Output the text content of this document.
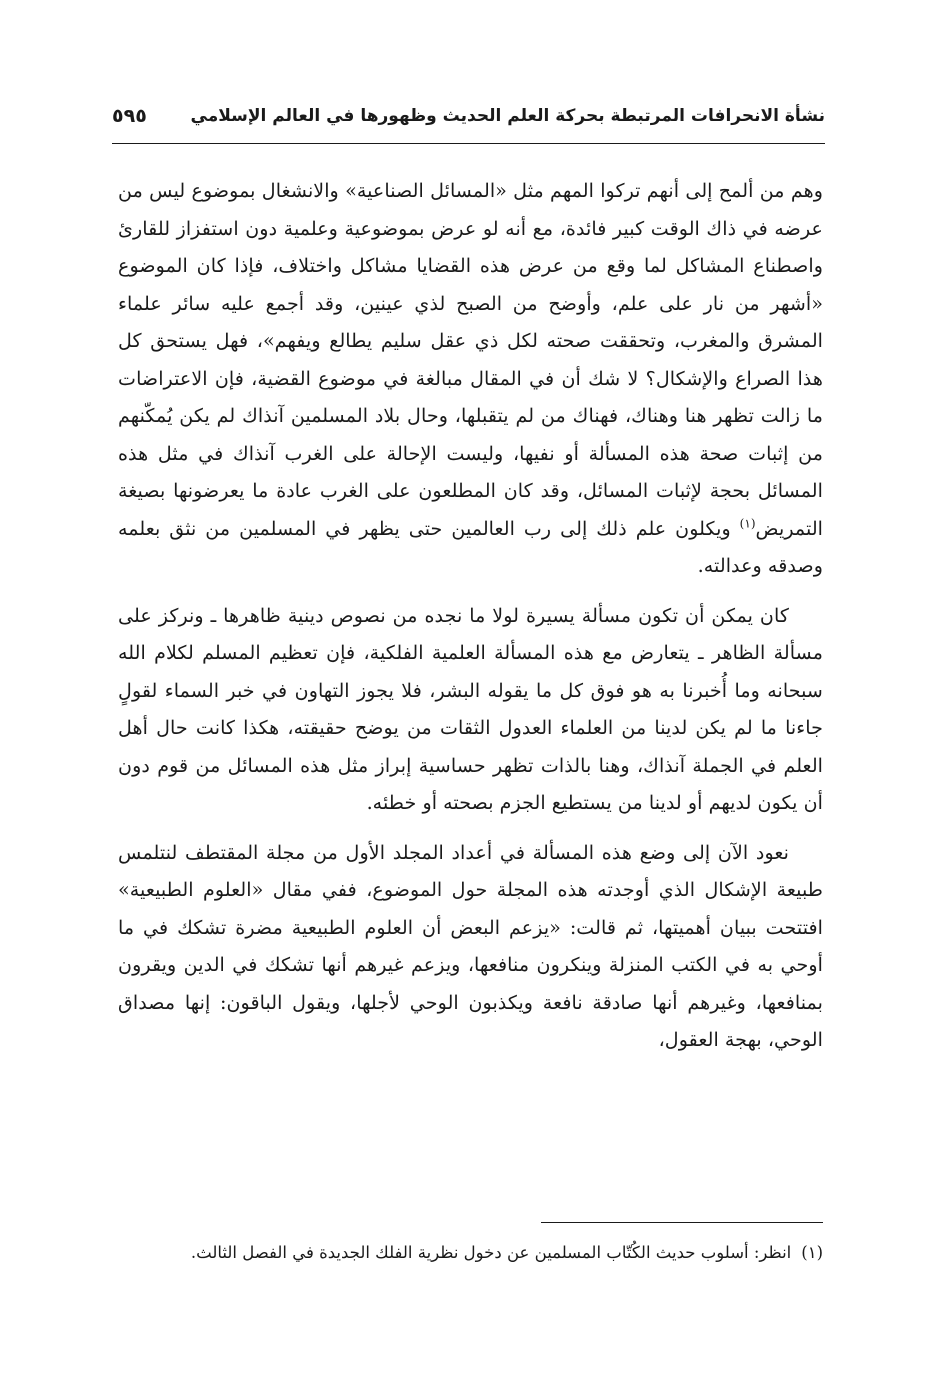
نشأة الانحرافات المرتبطة بحركة العلم الحديث وظهورها في العالم الإسلامي
٥٩٥

وهم من ألمح إلى أنهم تركوا المهم مثل «المسائل الصناعية» والانشغال بموضوع ليس من عرضه في ذاك الوقت كبير فائدة، مع أنه لو عرض بموضوعية وعلمية دون استفزاز للقارئ واصطناع المشاكل لما وقع من عرض هذه القضايا مشاكل واختلاف، فإذا كان الموضوع «أشهر من نار على علم، وأوضح من الصبح لذي عينين، وقد أجمع عليه سائر علماء المشرق والمغرب، وتحققت صحته لكل ذي عقل سليم يطالع ويفهم»، فهل يستحق كل هذا الصراع والإشكال؟ لا شك أن في المقال مبالغة في موضوع القضية، فإن الاعتراضات ما زالت تظهر هنا وهناك، فهناك من لم يتقبلها، وحال بلاد المسلمين آنذاك لم يكن يُمكّنهم من إثبات صحة هذه المسألة أو نفيها، وليست الإحالة على الغرب آنذاك في مثل هذه المسائل بحجة لإثبات المسائل، وقد كان المطلعون على الغرب عادة ما يعرضونها بصيغة التمريض$^{(١)}$ ويكلون علم ذلك إلى رب العالمين حتى يظهر في المسلمين من نثق بعلمه وصدقه وعدالته.

كان يمكن أن تكون مسألة يسيرة لولا ما نجده من نصوص دينية ظاهرها ـ ونركز على مسألة الظاهر ـ يتعارض مع هذه المسألة العلمية الفلكية، فإن تعظيم المسلم لكلام الله سبحانه وما أُخبرنا به هو فوق كل ما يقوله البشر، فلا يجوز التهاون في خبر السماء لقولٍ جاءنا ما لم يكن لدينا من العلماء العدول الثقات من يوضح حقيقته، هكذا كانت حال أهل العلم في الجملة آنذاك، وهنا بالذات تظهر حساسية إبراز مثل هذه المسائل من قوم دون أن يكون لديهم أو لدينا من يستطيع الجزم بصحته أو خطئه.

نعود الآن إلى وضع هذه المسألة في أعداد المجلد الأول من مجلة المقتطف لنتلمس طبيعة الإشكال الذي أوجدته هذه المجلة حول الموضوع، ففي مقال «العلوم الطبيعية» افتتحت ببيان أهميتها، ثم قالت: «يزعم البعض أن العلوم الطبيعية مضرة تشكك في ما أوحي به في الكتب المنزلة وينكرون منافعها، ويزعم غيرهم أنها تشكك في الدين ويقرون بمنافعها، وغيرهم أنها صادقة نافعة ويكذبون الوحي لأجلها، ويقول الباقون: إنها مصداق الوحي، بهجة العقول،

(١)
انظر: أسلوب حديث الكُتّاب المسلمين عن دخول نظرية الفلك الجديدة في الفصل الثالث.
